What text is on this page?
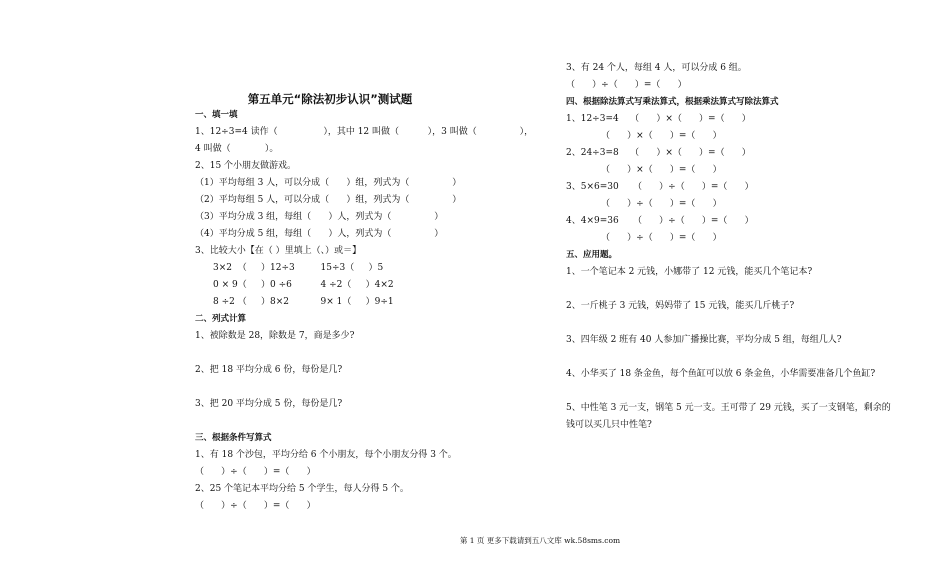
第五单元“除法初步认识”测试题
一、填一填
1、12÷3=4 读作（                ），其中 12 叫做（          ），3 叫做（               ），
4 叫做（            ）。
2、15 个小朋友做游戏。
（1）平均每组 3 人，可以分成（      ）组，列式为（               ）
（2）平均每组 5 人，可以分成（      ）组，列式为（               ）
（3）平均分成 3 组，每组（      ）人，列式为（               ）
（4）平均分成 5 组，每组（      ）人，列式为（               ）
3、比较大小【在（ ）里填上（、）或＝】
3×2  （     ）12÷3         15÷3（     ）5
0 × 9（     ）0 ÷6          4 ÷2（     ）4×2
8 ÷2 （     ）8×2           9× 1（     ）9÷1
二、列式计算
1、被除数是 28，除数是 7，商是多少?
2、把 18 平均分成 6 份，每份是几?
3、把 20 平均分成 5 份，每份是几?
三、根据条件写算式
1、有 18 个沙包，平均分给 6 个小朋友，每个小朋友分得 3 个。
（      ）÷（      ）=（      ）
2、25 个笔记本平均分给 5 个学生，每人分得 5 个。
（      ）÷（      ）=（      ）
3、有 24 个人，每组 4 人，可以分成 6 组。
（      ）÷（      ）=（      ）
四、根据除法算式写乘法算式，根据乘法算式写除法算式
1、12÷3=4    （      ）×（      ）=（      ）
（      ）×（      ）=（      ）
2、24÷3=8    （      ）×（      ）=（      ）
（      ）×（      ）=（      ）
3、5×6=30     （      ）÷（      ）=（      ）
（      ）÷（      ）=（      ）
4、4×9=36     （      ）÷（      ）=（      ）
（      ）÷（      ）=（      ）
五、应用题。
1、一个笔记本 2 元钱，小娜带了 12 元钱，能买几个笔记本?
2、一斤桃子 3 元钱，妈妈带了 15 元钱，能买几斤桃子?
3、四年级 2 班有 40 人参加广播操比赛，平均分成 5 组，每组几人?
4、小华买了 18 条金鱼，每个鱼缸可以放 6 条金鱼，小华需要准备几个鱼缸?
5、中性笔 3 元一支，钢笔 5 元一支。王可带了 29 元钱，买了一支钢笔，剩余的
钱可以买几只中性笔?
第 1 页 更多下载请到五八文库 wk.58sms.com
